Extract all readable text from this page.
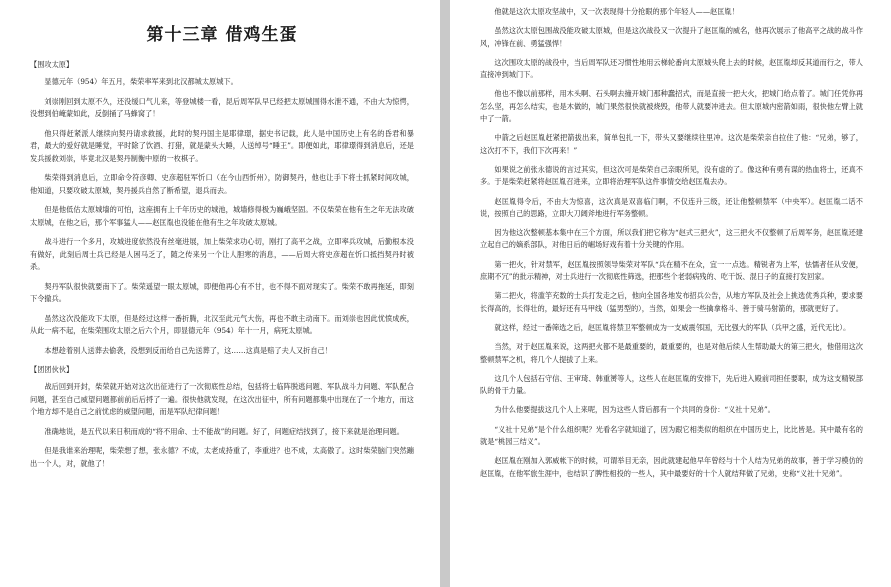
第十三章 借鸡生蛋
【围攻太原】

显德元年（954）年五月，柴荣率军来到北汉都城太原城下。

刘崇刚回到太原不久，还没缓口气儿来，等登城楼一看，昆后周军队早已经把太原城围得水泄不通，不由大为惊愕，没想到伯崦蒙如此，反倒捅了马蜂窝了！

他只得赶紧派人继续向契丹请求救援，此时的契丹国主是耶律璟，据史书记载，此人是中国历史上有名的昏君和暴君，最大的爱好就是睡觉，平时除了饮酒、打猎，就是蒙头大睡，人送绰号“睡王”。即便如此，耶律璟得到消息后，还是发兵援救刘崇，毕竟北汉是契丹制衡中原的一枚棋子。

柴荣得到消息后，立即命令符彦卿、史彦超驻军忻口（在今山西忻州），防御契丹，他也让手下将士抓紧时间攻城，他知道，只要攻破太原城，契丹援兵自然了断希望，退兵而去。

但是他低估太原城墙的可怕，这座拥有上千年历史的城池，城墙修得极为巍峨坚固。不仅柴荣在他有生之年无法攻破太原城，在他之后，那个军事猛人——赵匡胤也没能在他有生之年攻破太原城。

战斗进行一个多月，攻城进度依然没有丝毫进展，加上柴荣求功心切，刚打了高平之战，立即率兵攻城，后勤根本没有做好，此刻后周士兵已经是人困马乏了，随之传来另一个让人胆寒的消息，——后周大将史彦超在忻口抵挡契丹时被杀。

契丹军队很快就要南下了。柴荣遥望一眼太原城，即便他再心有不甘，也不得不面对现实了。柴荣不敢再拖延，即刻下令撤兵。

虽然这次没能攻下太原，但是经过这样一番折腾，北汉至此元气大伤，再也不敢主动南下。而刘崇也因此忧愤成疾，从此一病不起，在柴荣围攻太原之后六个月，即显德元年（954）年十一月，病死太原城。

本想趁着别人送葬去偷袭，没想到反而给自己先送葬了，这……这真是赔了夫人又折自己！

【团团伙伙】

战后回到开封，柴荣就开始对这次出征进行了一次彻底性总结，包括将士临阵脱逃问题、军队战斗力问题、军队配合问题，甚至自己威望问题都前前后后捋了一遍。很快他就发现，在这次出征中，所有问题都集中出现在了一个地方，而这个地方却不是自己之前忧虑的威望问题，而是军队纪律问题！

准确地说，是五代以来日积而成的“将不用命、士不能战”的问题。好了，问题症结找到了，接下来就是治理问题。

但是我谁来治理呢，柴荣想了想，张永德？不成，太老成持重了，李重进？也不成，太高傲了。这时柴荣脑门突然蹦出一个人，对，就他了！

他就是这次太原攻坚战中，又一次表现得十分抢眼的那个年轻人——赵匡胤！

虽然这次太原包围战没能攻破太原城，但是这次战役又一次提升了赵匡胤的威名，他再次展示了他高平之战的战斗作风，冲锋在前、勇猛强悍！

这次围攻太原的战役中，当后周军队还习惯性地用云梯轮番向太原城头爬上去的时候，赵匡胤却反其道而行之，带人直接冲到城门下。

他也不像以前那样，用木头啊、石头啊去撞开城门那种蠢招式，而是直接一把大火，把城门给点着了。城门任凭你再怎么坚，再怎么结实，也是木做的，城门果然很快就被烧毁，他带人就要冲进去。但太原城内密箭如雨，很快他左臂上就中了一箭。

中箭之后赵匡胤赶紧把箭拔出来，简单包扎一下，带头又要继续往里冲。这次是柴荣亲自拉住了他：“兄弟，够了，这次打不下，我们下次再来！”

如果说之前张永德说的言过其实，但这次可是柴荣自己亲眼所见，没有虚的了。像这种有勇有谋的热血将士，还真不多。于是柴荣赶紧将赵匡胤召进来，立即将治理军队这件事情交给赵匡胤去办。

赵匡胤得令后，不由大为惊喜，这次真是双喜临门啊，不仅连升三级，还让他整顿禁军（中央军）。赵匡胤二话不说，按照自己的思路，立即大刀阔斧地进行军务整顿。

因为他这次整顿基本集中在三个方面，所以我们把它称为“赵式三把火”，这三把火不仅整顿了后周军务，赵匡胤还建立起自己的嫡系部队，对他日后的崛场好戏有着十分关键的作用。

第一把火，针对禁军，赵匡胤按照领导柴荣对军队“兵在精不在众，宜一一点选。精锐者为上军，怯懦者任从安便，庶期不冗”的批示精神，对士兵进行一次彻底性筛选，把那些个老弱病残的、吃干饭、混日子的直接打发回家。

第二把火，将滥竽充数的士兵打发走之后，他向全国各地发布招兵公告，从地方军队及社会上挑选优秀兵种，要求要长得高的，长得壮的，最好还有马甲线（猛男型的），当然，如果会一些擒拿格斗、善于骑马射箭的，那就更好了。

就这样，经过一番筛选之后，赵匡胤将禁卫军整顿成为一支威震邻国，无比强大的军队（兵甲之盛，近代无比）。

当然，对于赵匡胤来说，这两把火都不是最重要的，最重要的，也是对他后续人生帮助最大的第三把火，他借用这次整顿禁军之机，将几个人提拔了上来。

这几个人包括石守信、王审琦、韩重赟等人，这些人在赵匡胤的安排下，先后进入殿前司担任要职，成为这支精锐部队的骨干力量。

为什么他要提拔这几个人上来呢，因为这些人背后都有一个共同的身份：“义社十兄弟”。

“义社十兄弟”是个什么组织呢？光看名字就知道了，因为跟它相类似的组织在中国历史上，比比皆是。其中最有名的就是“桃园三结义”。

赵匡胤在刚加入郭威帐下的时候，可谓举目无亲，因此就建起他早年曾经与十个人结为兄弟的故事，善于学习模仿的赵匡胤，在他军旅生涯中，也结识了脾性相投的一些人，其中最要好的十个人就结拜做了兄弟，史称“义社十兄弟”。
